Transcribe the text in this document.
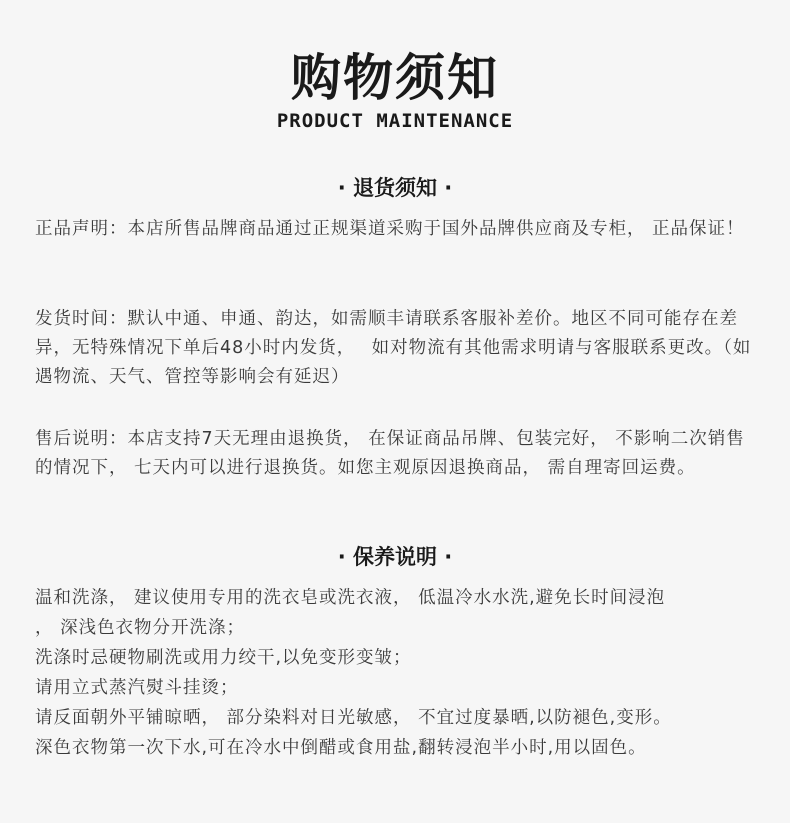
购物须知
PRODUCT MAINTENANCE
· 退货须知 ·
正品声明：本店所售品牌商品通过正规渠道采购于国外品牌供应商及专柜， 正品保证！
发货时间：默认中通、申通、韵达，如需顺丰请联系客服补差价。地区不同可能存在差异，无特殊情况下单后48小时内发货，　 如对物流有其他需求明请与客服联系更改。（如遇物流、天气、管控等影响会有延迟）
售后说明：本店支持7天无理由退换货， 在保证商品吊牌、包装完好， 不影响二次销售的情况下， 七天内可以进行退换货。如您主观原因退换商品， 需自理寄回运费。
· 保养说明 ·
温和洗涤， 建议使用专用的洗衣皂或洗衣液， 低温冷水水洗,避免长时间浸泡
， 深浅色衣物分开洗涤；
洗涤时忌硬物刷洗或用力绞干,以免变形变皱；
请用立式蒸汽熨斗挂烫；
请反面朝外平铺晾晒， 部分染料对日光敏感， 不宜过度暴晒,以防褪色,变形。
深色衣物第一次下水,可在冷水中倒醋或食用盐,翻转浸泡半小时,用以固色。
